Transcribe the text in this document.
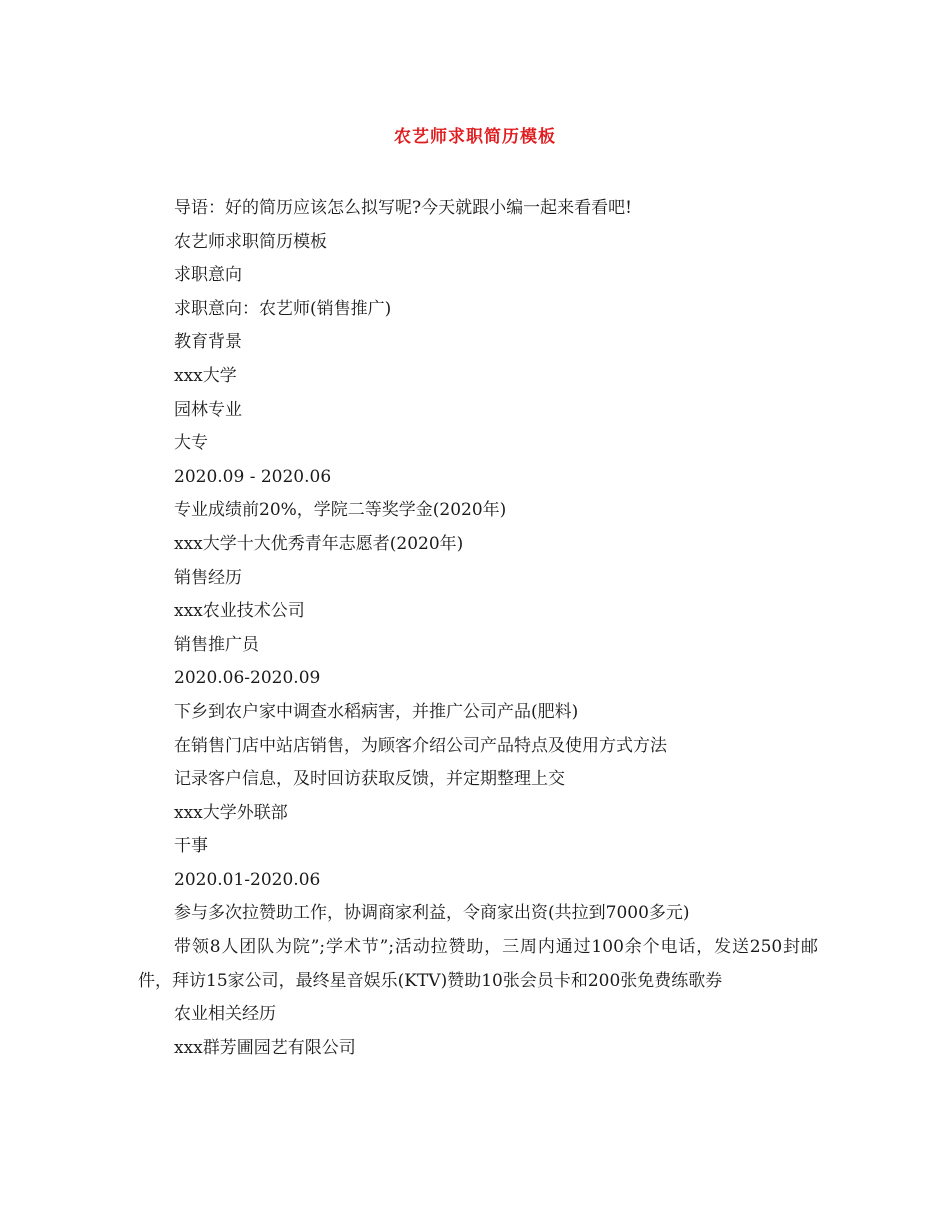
农艺师求职简历模板

导语：好的简历应该怎么拟写呢?今天就跟小编一起来看看吧!

农艺师求职简历模板

求职意向

求职意向：农艺师(销售推广)

教育背景

xxx大学

园林专业

大专

2020.09 - 2020.06

专业成绩前20%，学院二等奖学金(2020年)

xxx大学十大优秀青年志愿者(2020年)

销售经历

xxx农业技术公司

销售推广员

2020.06-2020.09

下乡到农户家中调查水稻病害，并推广公司产品(肥料)

在销售门店中站店销售，为顾客介绍公司产品特点及使用方式方法

记录客户信息，及时回访获取反馈，并定期整理上交

xxx大学外联部

干事

2020.01-2020.06

参与多次拉赞助工作，协调商家利益，令商家出资(共拉到7000多元)

带领8人团队为院”;学术节”;活动拉赞助，三周内通过100余个电话，发送250封邮件，拜访15家公司，最终星音娱乐(KTV)赞助10张会员卡和200张免费练歌券

农业相关经历

xxx群芳圃园艺有限公司
